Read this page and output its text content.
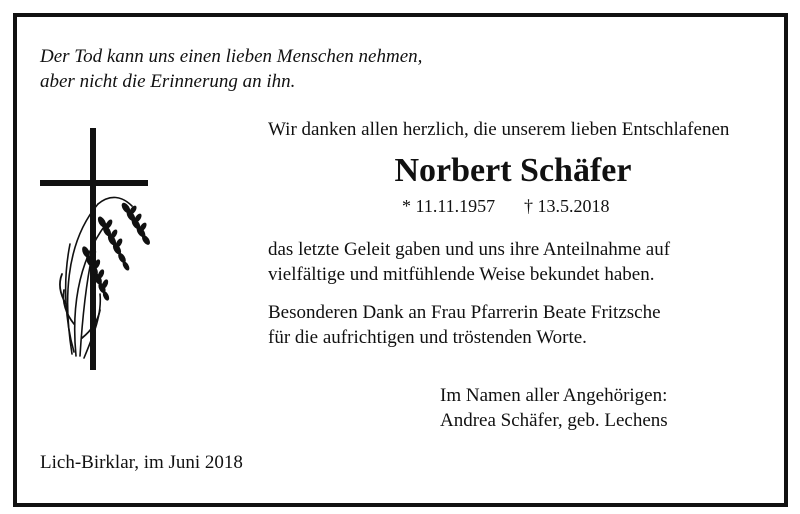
Der Tod kann uns einen lieben Menschen nehmen,
aber nicht die Erinnerung an ihn.
Wir danken allen herzlich, die unserem lieben Entschlafenen
Norbert Schäfer
* 11.11.1957 † 13.5.2018
das letzte Geleit gaben und uns ihre Anteilnahme auf
vielfältige und mitfühlende Weise bekundet haben.
Besonderen Dank an Frau Pfarrerin Beate Fritzsche
für die aufrichtigen und tröstenden Worte.
Im Namen aller Angehörigen:
Andrea Schäfer, geb. Lechens
Lich-Birklar, im Juni 2018
